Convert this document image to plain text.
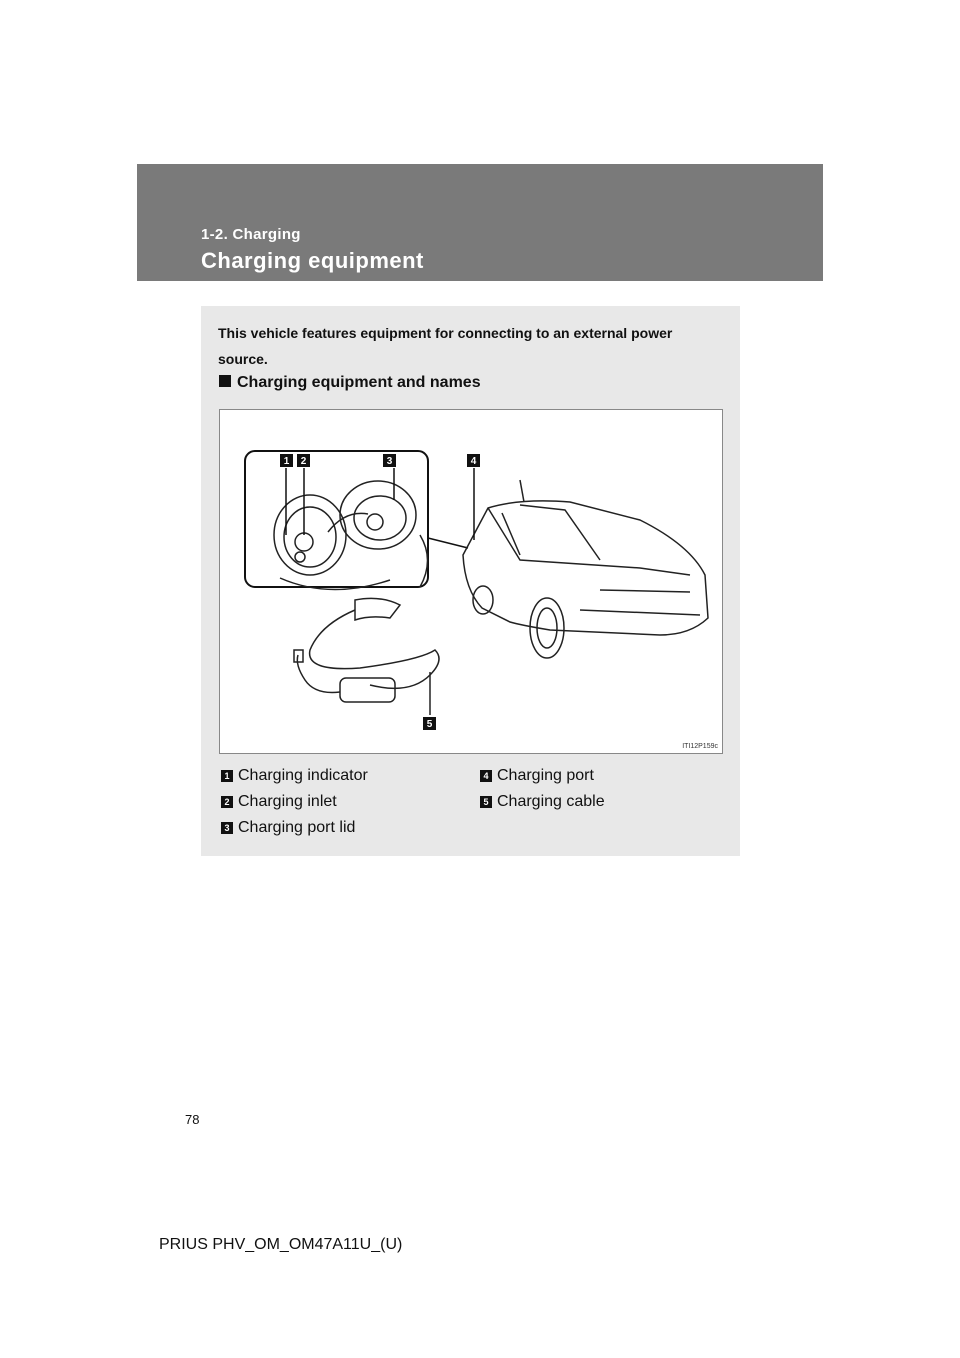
1-2. Charging
Charging equipment
This vehicle features equipment for connecting to an external power source.
Charging equipment and names
1 2	3	4
5
ITI12P159c
1 Charging indicator
2 Charging inlet
3 Charging port lid
4 Charging port
5 Charging cable
78
PRIUS PHV_OM_OM47A11U_(U)
